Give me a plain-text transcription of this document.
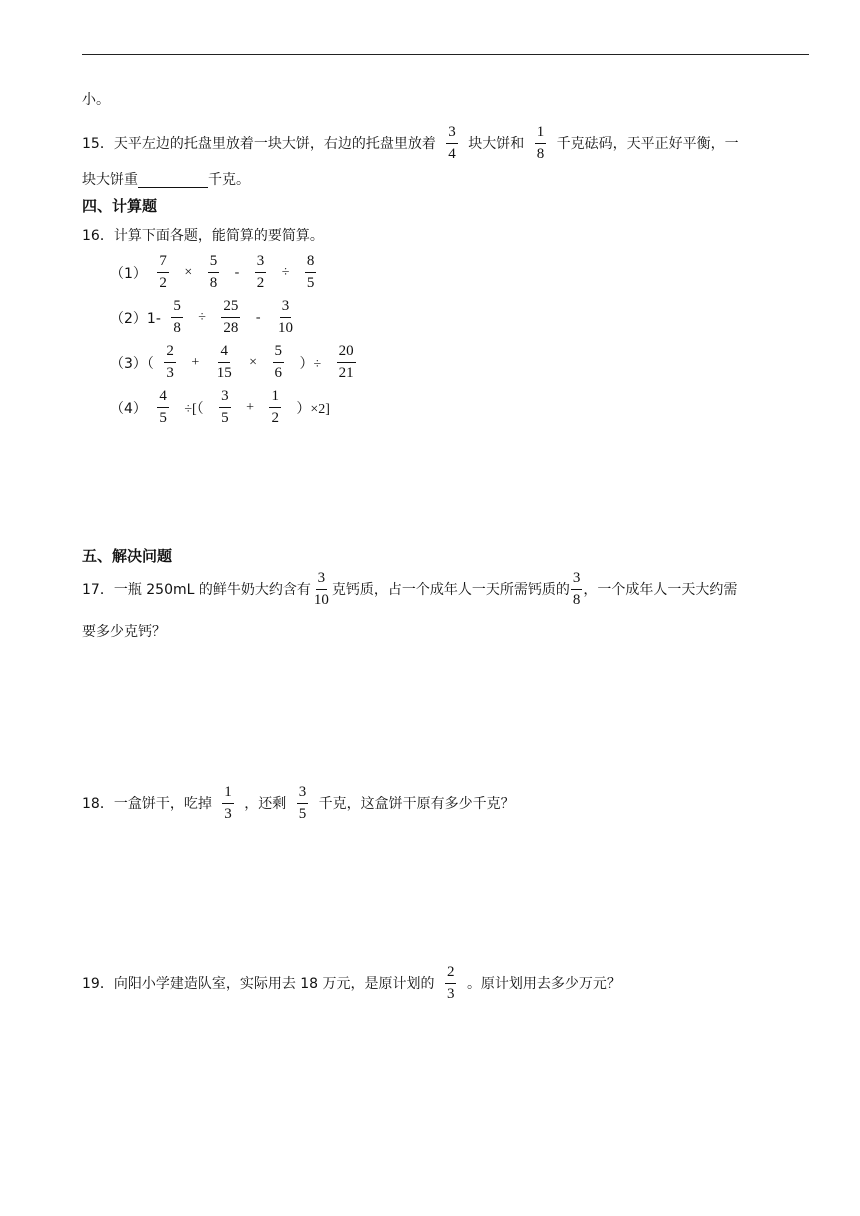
小。
15．天平左边的托盘里放着一块大饼，右边的托盘里放着 $\frac{3}{4}$ 块大饼和 $\frac{1}{8}$ 千克砝码，天平正好平衡，一
块大饼重	千克。
四、计算题
16．计算下面各题，能简算的要简算。
$(1) \frac{7}{2} \times \frac{5}{8} - \frac{3}{2} \div \frac{8}{5}$
$(2)1- \frac{5}{8} \div \frac{25}{28} - \frac{3}{10}$
$(3)( \frac{2}{3} + \frac{4}{15} \times \frac{5}{6}$ ）÷ $\frac{20}{21}$
$(4) \frac{4}{5}$ ÷[（ $\frac{3}{5} + \frac{1}{2} )\times 2$]
五、解决问题
17．一瓶 250mL 的鲜牛奶大约含有 $\frac{3}{10}$ 克钙质，占一个成年人一天所需钙质的 $\frac{3}{8}$ ，一个成年人一天大约需
要多少克钙？
18．一盒饼干，吃掉 $\frac{1}{3}$ ，还剩 $\frac{3}{5}$ 千克，这盒饼干原有多少千克？
19．向阳小学建造队室，实际用去 18 万元，是原计划的 $\frac{2}{3}$ 。原计划用去多少万元？
